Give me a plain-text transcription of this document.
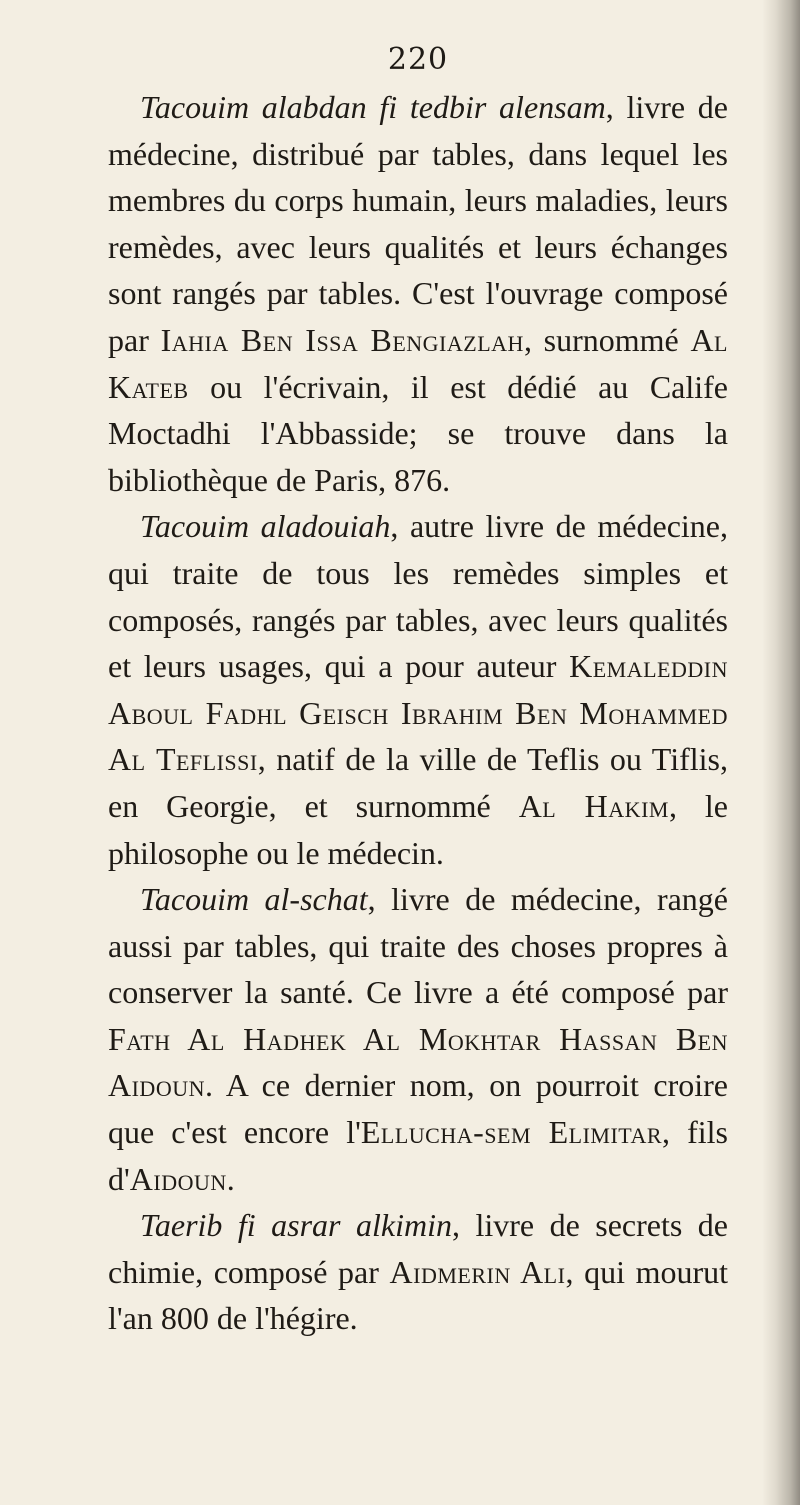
220

Tacouim alabdan fi tedbir alensam, livre de médecine, distribué par tables, dans lequel les membres du corps humain, leurs maladies, leurs remèdes, avec leurs qualités et leurs échanges sont rangés par tables. C'est l'ouvrage composé par Iahia Ben Issa Bengiazlah, surnommé Al Kateb ou l'écrivain, il est dédié au Calife Moctadhi l'Abbasside; se trouve dans la bibliothèque de Paris, 876.

Tacouim aladouiah, autre livre de médecine, qui traite de tous les remèdes simples et composés, rangés par tables, avec leurs qualités et leurs usages, qui a pour auteur Kemaleddin Aboul Fadhl Geisch Ibrahim Ben Mohammed Al Teflissi, natif de la ville de Teflis ou Tiflis, en Georgie, et surnommé Al Hakim, le philosophe ou le médecin.

Tacouim al-schat, livre de médecine, rangé aussi par tables, qui traite des choses propres à conserver la santé. Ce livre a été composé par Fath Al Hadhek Al Mokhtar Hassan Ben Aidoun. A ce dernier nom, on pourroit croire que c'est encore l'Ellucha-sem Elimitar, fils d'Aidoun.

Taerib fi asrar alkimin, livre de secrets de chimie, composé par Aidmerin Ali, qui mourut l'an 800 de l'hégire.
